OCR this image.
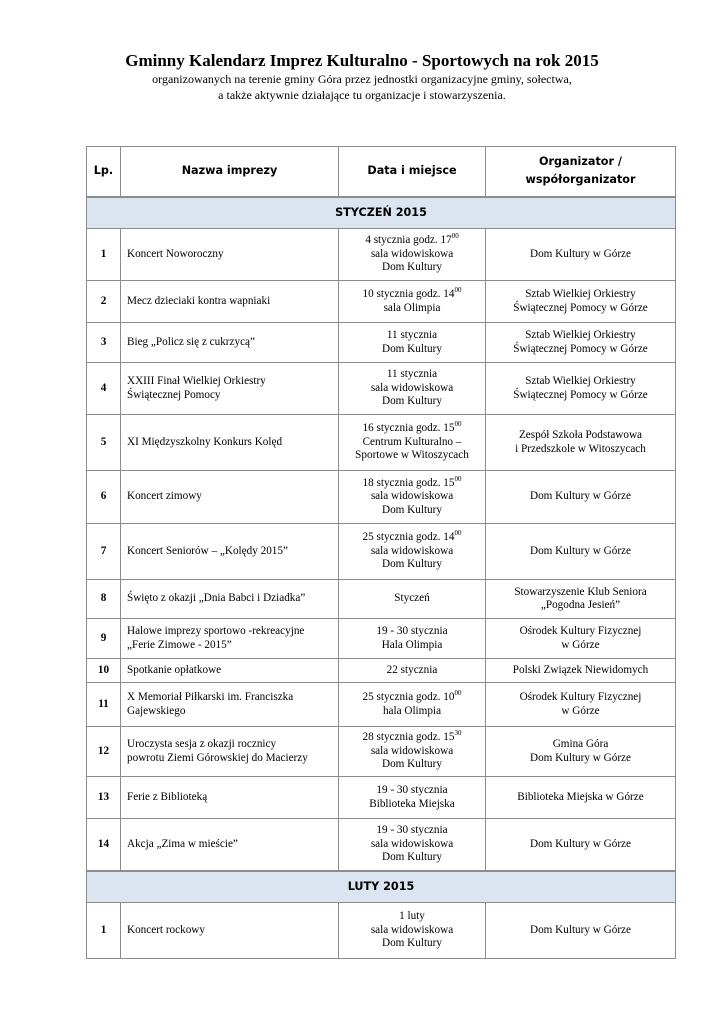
Gminny Kalendarz Imprez Kulturalno - Sportowych na rok 2015
organizowanych na terenie gminy Góra przez jednostki organizacyjne gminy, sołectwa,
a także aktywnie działające tu organizacje i stowarzyszenia.
Lp.	Nazwa imprezy	Data i miejsce	Organizator /
współorganizator

STYCZEŃ 2015			
1	Koncert Noworoczny	4 stycznia godz. $17^{00}$
sala widowiskowa
Dom Kultury	Dom Kultury w Górze

2	Mecz dzieciaki kontra wapniaki	10 stycznia godz. $14^{00}$
sala Olimpia	Sztab Wielkiej Orkiestry
Świątecznej Pomocy w Górze

3	Bieg „Policz się z cukrzycą”	11 stycznia
Dom Kultury	Sztab Wielkiej Orkiestry
Świątecznej Pomocy w Górze

4	XXIII Finał Wielkiej Orkiestry
Świątecznej Pomocy	11 stycznia
sala widowiskowa
Dom Kultury	Sztab Wielkiej Orkiestry
Świątecznej Pomocy w Górze

5	XI Międzyszkolny Konkurs Kolęd	16 stycznia godz. $15^{00}$
Centrum Kulturalno –
Sportowe w Witoszycach	Zespół Szkoła Podstawowa
i Przedszkole w Witoszycach

6	Koncert zimowy	18 stycznia godz. $15^{00}$
sala widowiskowa
Dom Kultury	Dom Kultury w Górze

7	Koncert Seniorów – „Kolędy 2015”	25 stycznia godz. $14^{00}$
sala widowiskowa
Dom Kultury	Dom Kultury w Górze

8	Święto z okazji „Dnia Babci i Dziadka”	Styczeń	Stowarzyszenie Klub Seniora
„Pogodna Jesień”

9	Halowe imprezy sportowo -rekreacyjne
„Ferie Zimowe - 2015”	19 - 30 stycznia
Hala Olimpia	Ośrodek Kultury Fizycznej
w Górze

10	Spotkanie opłatkowe	22 stycznia	Polski Związek Niewidomych

11	X Memoriał Piłkarski im. Franciszka
Gajewskiego	25 stycznia godz. $10^{00}$
hala Olimpia	Ośrodek Kultury Fizycznej
w Górze

12	Uroczysta sesja z okazji rocznicy
powrotu Ziemi Górowskiej do Macierzy	28 stycznia godz. $15^{30}$
sala widowiskowa
Dom Kultury	Gmina Góra
Dom Kultury w Górze

13	Ferie z Biblioteką	19 - 30 stycznia
Biblioteka Miejska	Biblioteka Miejska w Górze

14	Akcja „Zima w mieście”	19 - 30 stycznia
sala widowiskowa
Dom Kultury	Dom Kultury w Górze

LUTY 2015			
1	Koncert rockowy	1 luty
sala widowiskowa
Dom Kultury	Dom Kultury w Górze
